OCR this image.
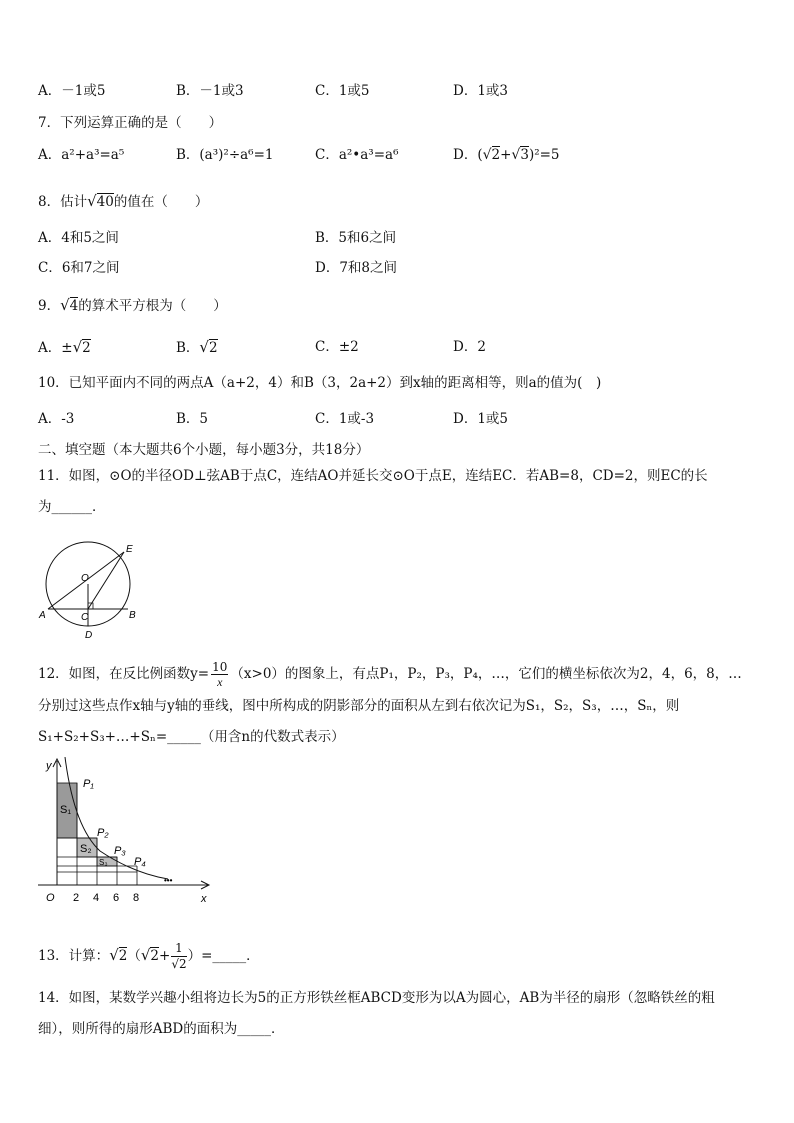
A．－1或5	B．－1或3	C．1或5	D．1或3
7．下列运算正确的是（　　）
A．a²+a³=a⁵	B．(a³)²÷a⁶=1	C．a²•a³=a⁶	D．(√2+√3)²=5
8．估计√40的值在（　　）
A．4和5之间	B．5和6之间
C．6和7之间	D．7和8之间
9．√4的算术平方根为（　　）
A．±√2	B．√2	C．±2	D．2
10．已知平面内不同的两点A（a+2，4）和B（3，2a+2）到x轴的距离相等，则a的值为(　)
A．-3	B．5	C．1或-3	D．1或5
二、填空题（本大题共6个小题，每小题3分，共18分）
11．如图，⊙O的半径OD⊥弦AB于点C，连结AO并延长交⊙O于点E，连结EC．若AB=8，CD=2，则EC的长
为______．
E
O
A	C	B
D
12．如图，在反比例函数$y= \frac{10}{x} (x>0)$的图象上，有点P₁，P₂，P₃，P₄，…，它们的横坐标依次为2，4，6，8，…
分别过这些点作x轴与y轴的垂线，图中所构成的阴影部分的面积从左到右依次记为S₁，S₂，S₃，…，Sₙ，则
S₁+S₂+S₃+…+Sₙ=_____（用含n的代数式表示）
y
x
O 2 4 6 8
P₁
P₂
P₃
P₄
S₁
S₂
S₃
•••
13．计算：$√2(√2+ \frac{1}{√2}$ ）=_____．
14．如图，某数学兴趣小组将边长为5的正方形铁丝框ABCD变形为以A为圆心，AB为半径的扇形（忽略铁丝的粗
细），则所得的扇形ABD的面积为_____．
